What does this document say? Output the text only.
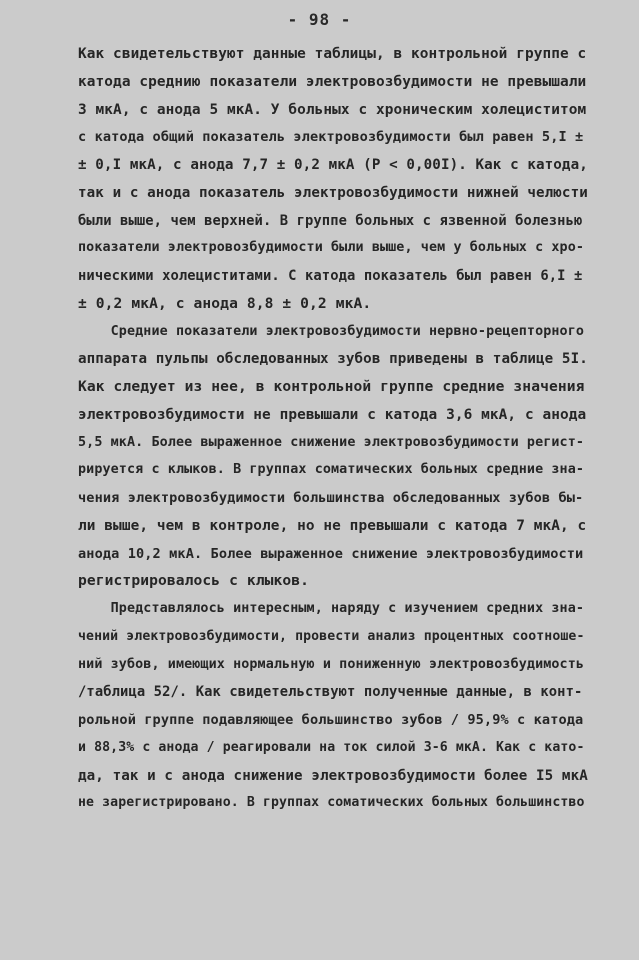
- 98 -
Как свидетельствуют данные таблицы, в контрольной группе с
катода среднию показатели электровозбудимости не превышали
3 мкА, с анода 5 мкА. У больных с хроническим холециститом
с катода общий показатель электровозбудимости был равен 5,I ±
± 0,I мкА, с анода 7,7 ± 0,2 мкА (Р < 0,00I). Как с катода,
так и с анода показатель электровозбудимости нижней челюсти
были выше, чем верхней. В группе больных с язвенной болезнью
показатели электровозбудимости были выше, чем у больных с хро-
ническими холециститами. С катода показатель был равен 6,I ±
± 0,2 мкА, с анода 8,8 ± 0,2 мкА.
Средние показатели электровозбудимости нервно-рецепторного
аппарата пульпы обследованных зубов приведены в таблице 5I.
Как следует из нее, в контрольной группе средние значения
электровозбудимости не превышали с катода 3,6 мкА, с анода
5,5 мкА. Более выраженное снижение электровозбудимости регист-
рируется с клыков. В группах соматических больных средние зна-
чения электровозбудимости большинства обследованных зубов бы-
ли выше, чем в контроле, но не превышали с катода 7 мкА, с
анода 10,2 мкА. Более выраженное снижение электровозбудимости
регистрировалось с клыков.
Представлялось интересным, наряду с изучением средних зна-
чений электровозбудимости, провести анализ процентных соотноше-
ний зубов, имеющих нормальную и пониженную электровозбудимость
/таблица 52/. Как свидетельствуют полученные данные, в конт-
рольной группе подавляющее большинство зубов / 95,9% с катода
и 88,3% с анода / реагировали на ток силой 3-6 мкА. Как с като-
да, так и с анода снижение электровозбудимости более I5 мкА
не зарегистрировано. В группах соматических больных большинство
